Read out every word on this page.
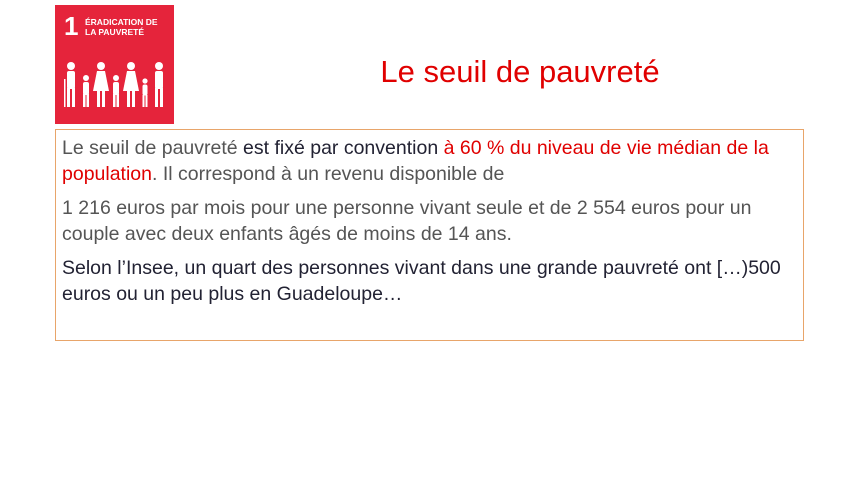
1 ÉRADICATION DE
LA PAUVRETÉ
Le seuil de pauvreté

Le seuil de pauvreté est fixé par convention à 60 % du niveau de vie médian de la population. Il correspond à un revenu disponible de

1 216 euros par mois pour une personne vivant seule et de 2 554 euros pour un couple avec deux enfants âgés de moins de 14 ans.

Selon l’Insee, un quart des personnes vivant dans une grande pauvreté ont […)500 euros ou un peu plus en Guadeloupe…
